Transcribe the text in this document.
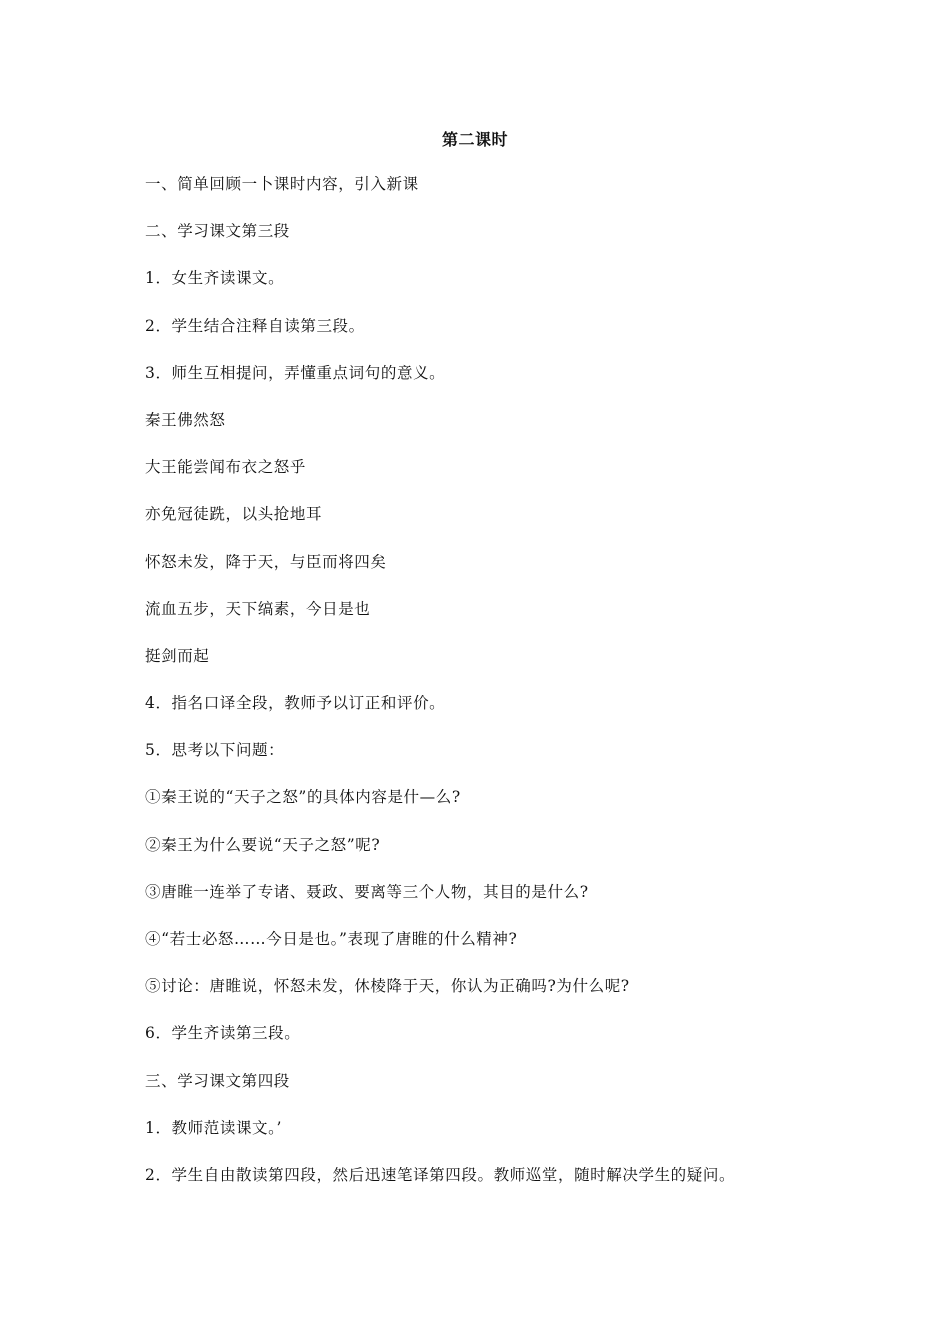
第二课时
一、简单回顾一卜课时内容，引入新课
二、学习课文第三段
1．女生齐读课文。
2．学生结合注释自读第三段。
3．师生互相提问，弄懂重点词句的意义。
秦王佛然怒
大王能尝闻布衣之怒乎
亦免冠徒跣，以头抢地耳
怀怒未发，降于天，与臣而将四矣
流血五步，天下缟素，今日是也
挺剑而起
4．指名口译全段，教师予以订正和评价。
5．思考以下问题：
①秦王说的“天子之怒”的具体内容是什—么?
②秦王为什么要说“天子之怒”呢?
③唐睢一连举了专诸、聂政、要离等三个人物，其目的是什么?
④“若士必怒……今日是也。”表现了唐睢的什么精神?
⑤讨论：唐睢说，怀怒未发，休棱降于天，你认为正确吗?为什么呢?
6．学生齐读第三段。
三、学习课文第四段
1．教师范读课文。’
2．学生自由散读第四段，然后迅速笔译第四段。教师巡堂，随时解决学生的疑问。
